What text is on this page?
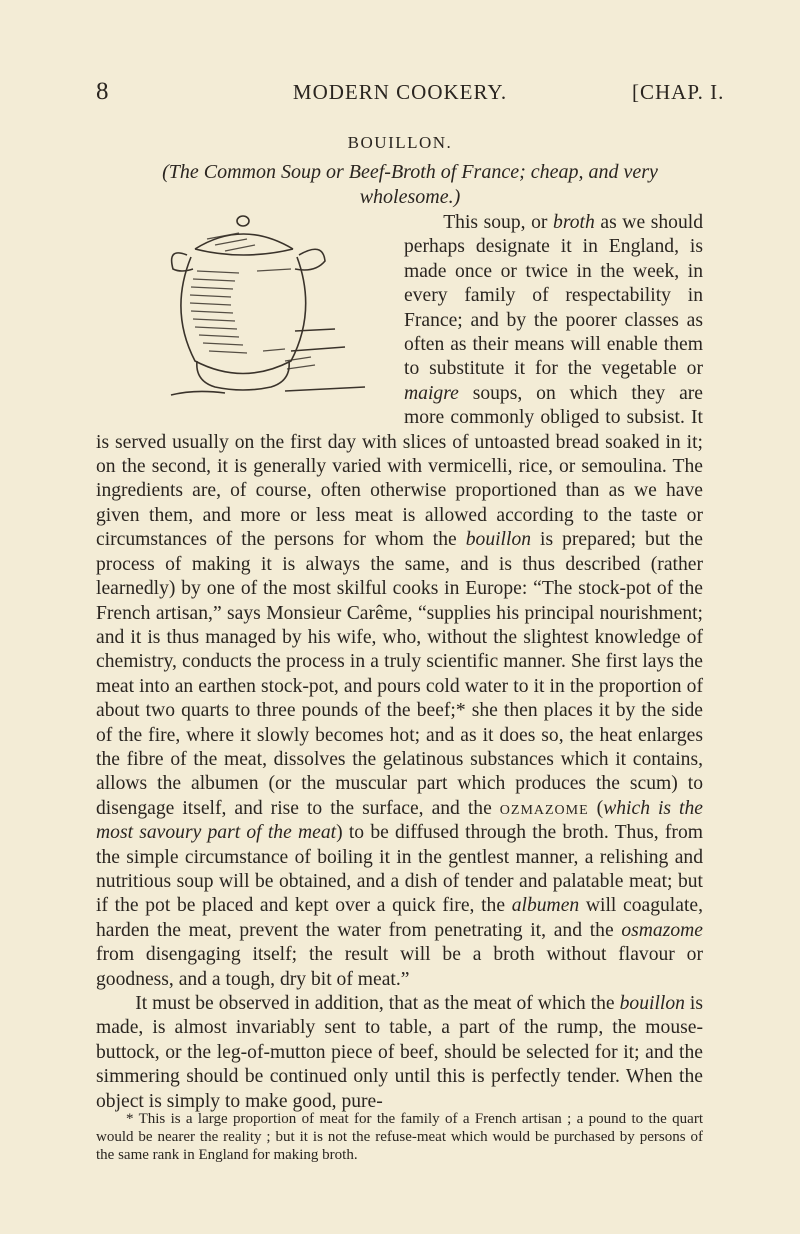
8	MODERN COOKERY.	[CHAP. I.
BOUILLON.
(The Common Soup or Beef-Broth of France; cheap, and very wholesome.)

This soup, or broth as we should perhaps designate it in England, is made once or twice in the week, in every family of respectability in France; and by the poorer classes as often as their means will enable them to substitute it for the vegetable or maigre soups, on which they are more commonly obliged to subsist. It is served usually on the first day with slices of untoasted bread soaked in it; on the second, it is generally varied with vermicelli, rice, or semoulina. The ingredients are, of course, often otherwise proportioned than as we have given them, and more or less meat is allowed according to the taste or circumstances of the persons for whom the bouillon is prepared; but the process of making it is always the same, and is thus described (rather learnedly) by one of the most skilful cooks in Europe: “The stock-pot of the French artisan,” says Monsieur Carême, “supplies his principal nourishment; and it is thus managed by his wife, who, without the slightest knowledge of chemistry, conducts the process in a truly scientific manner. She first lays the meat into an earthen stock-pot, and pours cold water to it in the proportion of about two quarts to three pounds of the beef;* she then places it by the side of the fire, where it slowly becomes hot; and as it does so, the heat enlarges the fibre of the meat, dissolves the gelatinous substances which it contains, allows the albumen (or the muscular part which produces the scum) to disengage itself, and rise to the surface, and the ozmazome (which is the most savoury part of the meat) to be diffused through the broth. Thus, from the simple circumstance of boiling it in the gentlest manner, a relishing and nutritious soup will be obtained, and a dish of tender and palatable meat; but if the pot be placed and kept over a quick fire, the albumen will coagulate, harden the meat, prevent the water from penetrating it, and the osmazome from disengaging itself; the result will be a broth without flavour or goodness, and a tough, dry bit of meat.”

It must be observed in addition, that as the meat of which the bouillon is made, is almost invariably sent to table, a part of the rump, the mouse-buttock, or the leg-of-mutton piece of beef, should be selected for it; and the simmering should be continued only until this is perfectly tender. When the object is simply to make good, pure-

* This is a large proportion of meat for the family of a French artisan ; a pound to the quart would be nearer the reality ; but it is not the refuse-meat which would be purchased by persons of the same rank in England for making broth.
